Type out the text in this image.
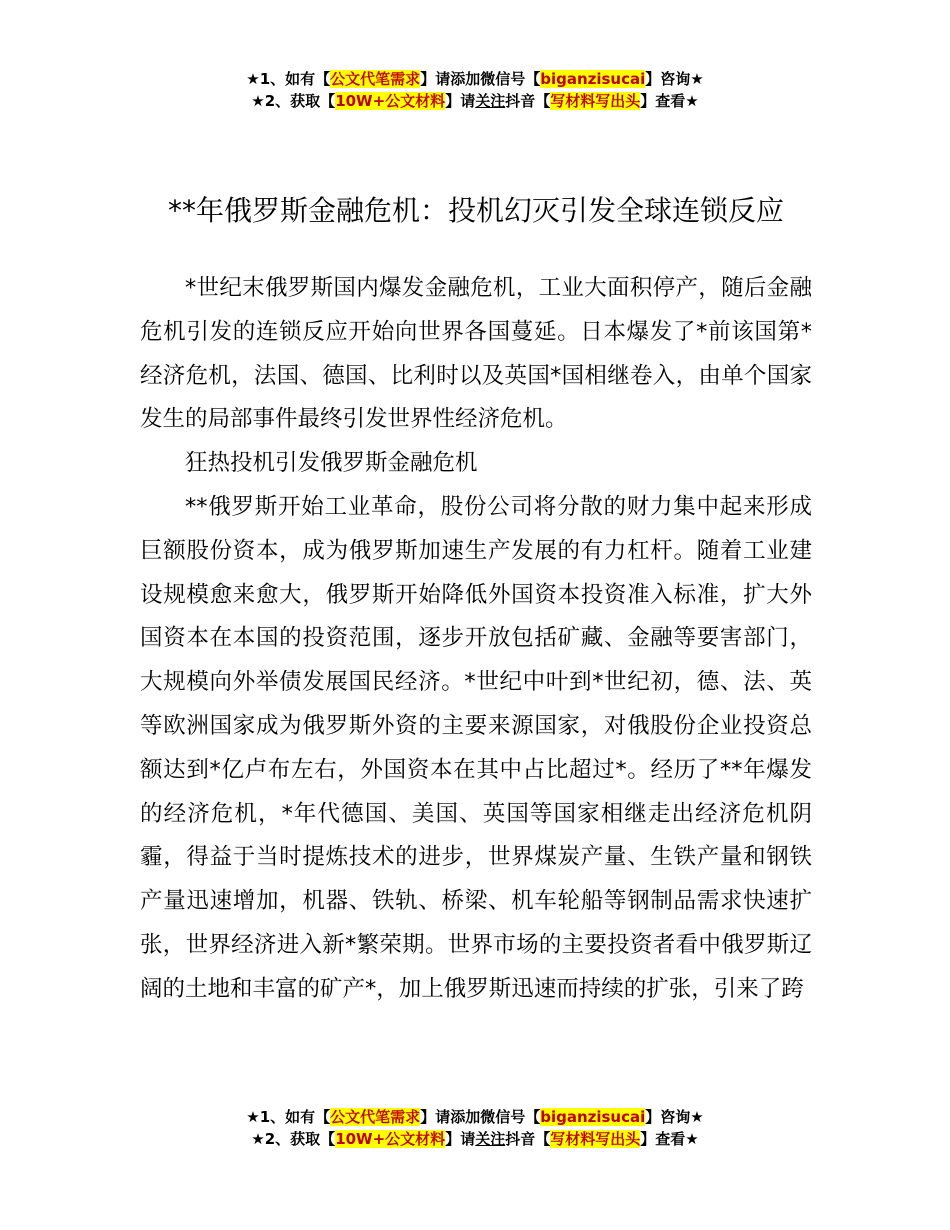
★1、如有【公文代笔需求】请添加微信号【biganzisucai】咨询★
★2、获取【10W+公文材料】请关注抖音【写材料写出头】查看★
**年俄罗斯金融危机：投机幻灭引发全球连锁反应

*世纪末俄罗斯国内爆发金融危机，工业大面积停产，随后金融危机引发的连锁反应开始向世界各国蔓延。日本爆发了*前该国第*经济危机，法国、德国、比利时以及英国*国相继卷入，由单个国家发生的局部事件最终引发世界性经济危机。

狂热投机引发俄罗斯金融危机

**俄罗斯开始工业革命，股份公司将分散的财力集中起来形成巨额股份资本，成为俄罗斯加速生产发展的有力杠杆。随着工业建设规模愈来愈大，俄罗斯开始降低外国资本投资准入标准，扩大外国资本在本国的投资范围，逐步开放包括矿藏、金融等要害部门，大规模向外举债发展国民经济。*世纪中叶到*世纪初，德、法、英等欧洲国家成为俄罗斯外资的主要来源国家，对俄股份企业投资总额达到*亿卢布左右，外国资本在其中占比超过*。经历了**年爆发的经济危机，*年代德国、美国、英国等国家相继走出经济危机阴霾，得益于当时提炼技术的进步，世界煤炭产量、生铁产量和钢铁产量迅速增加，机器、铁轨、桥梁、机车轮船等钢制品需求快速扩张，世界经济进入新*繁荣期。世界市场的主要投资者看中俄罗斯辽阔的土地和丰富的矿产*，加上俄罗斯迅速而持续的扩张，引来了跨

★1、如有【公文代笔需求】请添加微信号【biganzisucai】咨询★
★2、获取【10W+公文材料】请关注抖音【写材料写出头】查看★
